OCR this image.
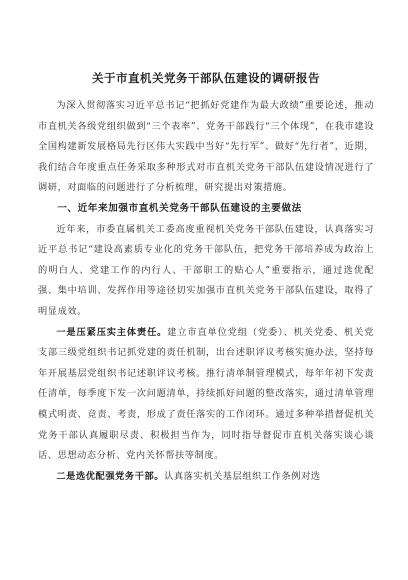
关于市直机关党务干部队伍建设的调研报告

为深入贯彻落实习近平总书记“把抓好党建作为最大政绩”重要论述，推动市直机关各级党组织做到“三个表率”、党务干部践行“三个体现”，在我市建设全国构建新发展格局先行区伟大实践中当好“先行军”、做好“先行者”，近期，我们结合年度重点任务采取多种形式对市直机关党务干部队伍建设情况进行了调研，对面临的问题进行了分析梳理，研究提出对策措施。

一、近年来加强市直机关党务干部队伍建设的主要做法

近年来，市委直属机关工委高度重视机关党务干部队伍建设，认真落实习近平总书记“建设高素质专业化的党务干部队伍，把党务干部培养成为政治上的明白人、党建工作的内行人、干部职工的贴心人”重要指示，通过选优配强、集中培训、发挥作用等途径切实加强市直机关党务干部队伍建设，取得了明显成效。

一是压紧压实主体责任。建立市直单位党组（党委）、机关党委、机关党支部三级党组织书记抓党建的责任机制，出台述职评议考核实施办法，坚持每年开展基层党组织书记述职评议考核。推行清单制管理模式，每年年初下发责任清单，每季度下发一次问题清单，持续抓好问题的整改落实，通过清单管理模式明责、竞责、考责，形成了责任落实的工作闭环。通过多种举措督促机关党务干部认真履职尽责、积极担当作为，同时指导督促市直机关落实谈心谈话、思想动态分析、党内关怀帮扶等制度。

二是选优配强党务干部。认真落实机关基层组织工作条例对选
